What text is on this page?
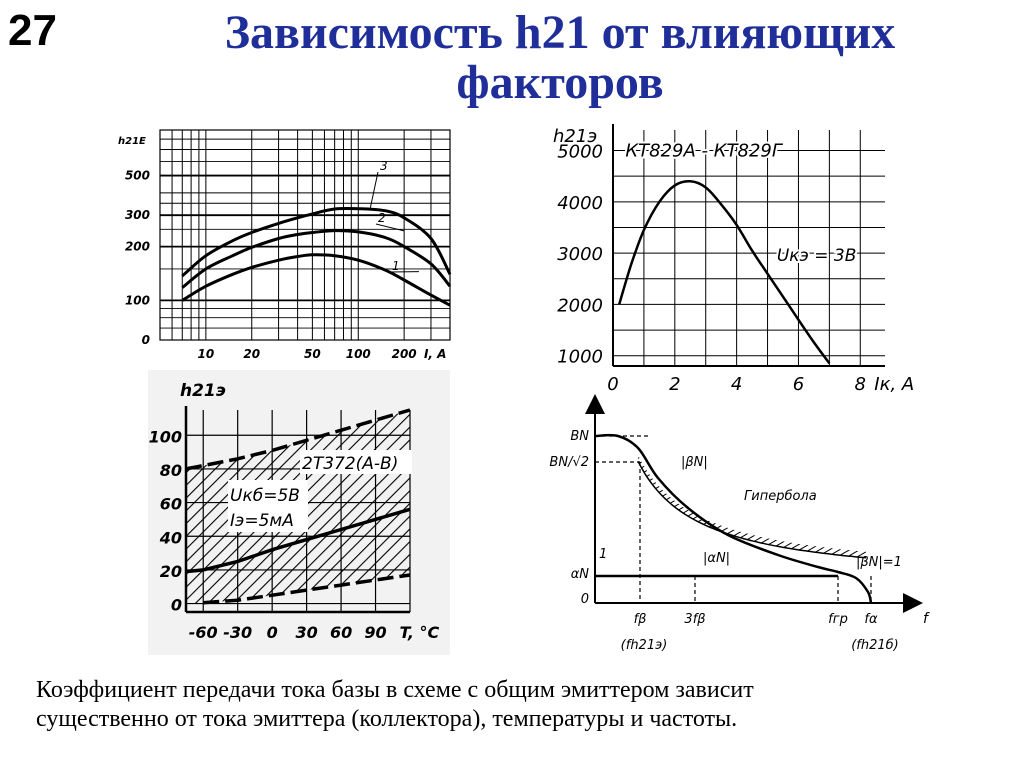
27	Зависимость h21 от влияющих
факторов
1
2
3
100
200
300
500
0
10 20	50 100 200 I, A
h21E	КТ829А - КТ829Г
Uкэ = 3В
1000
2000
3000
4000
5000
0	2	4	6	8 Iк, А
h21э
2Т372(А-В)
Uкб=5В
Iэ=5мА
0
20
40
60
80
100
-60 -30 0 30 60 90 T, °C
h21э
BN
BN/√2
αN
0
fβ
(fh21э)
3fβ	fгр fα
(fh21б)
f
|βN|
|αN|	|βN|=1
1
Гипербола
Коэффициент передачи тока базы в схеме с общим эмиттером зависит
существенно от тока эмиттера (коллектора), температуры и частоты.
